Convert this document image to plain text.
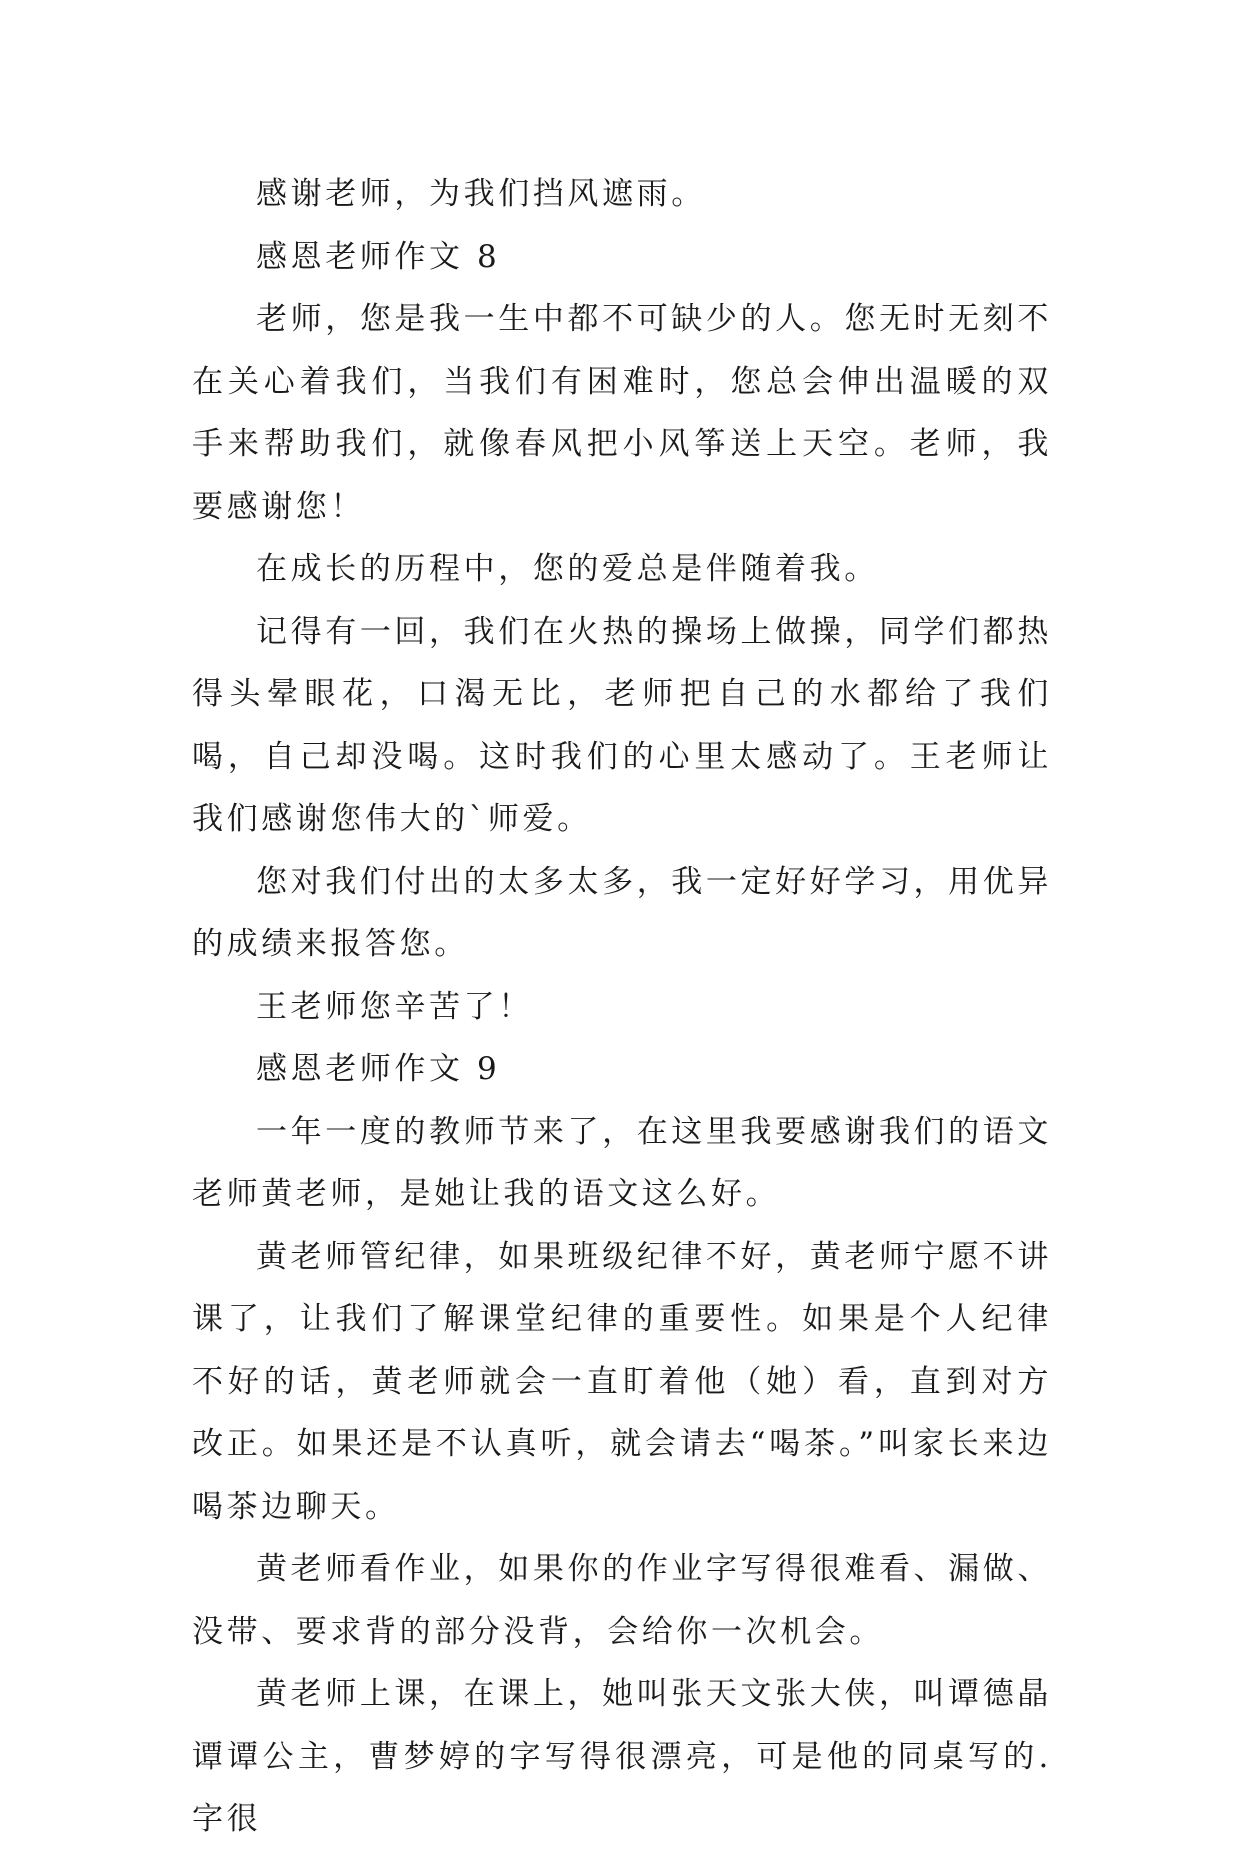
感谢老师，为我们挡风遮雨。

感恩老师作文 8

老师，您是我一生中都不可缺少的人。您无时无刻不在关心着我们，当我们有困难时，您总会伸出温暖的双手来帮助我们，就像春风把小风筝送上天空。老师，我要感谢您！

在成长的历程中，您的爱总是伴随着我。

记得有一回，我们在火热的操场上做操，同学们都热得头晕眼花，口渴无比，老师把自己的水都给了我们喝，自己却没喝。这时我们的心里太感动了。王老师让我们感谢您伟大的`师爱。

您对我们付出的太多太多，我一定好好学习，用优异的成绩来报答您。

王老师您辛苦了！

感恩老师作文 9

一年一度的教师节来了，在这里我要感谢我们的语文老师黄老师，是她让我的语文这么好。

黄老师管纪律，如果班级纪律不好，黄老师宁愿不讲课了，让我们了解课堂纪律的重要性。如果是个人纪律不好的话，黄老师就会一直盯着他（她）看，直到对方改正。如果还是不认真听，就会请去“喝茶。”叫家长来边喝茶边聊天。

黄老师看作业，如果你的作业字写得很难看、漏做、没带、要求背的部分没背，会给你一次机会。

黄老师上课，在课上，她叫张天文张大侠，叫谭德晶谭谭公主，曹梦婷的字写得很漂亮，可是他的同桌写的.字很
